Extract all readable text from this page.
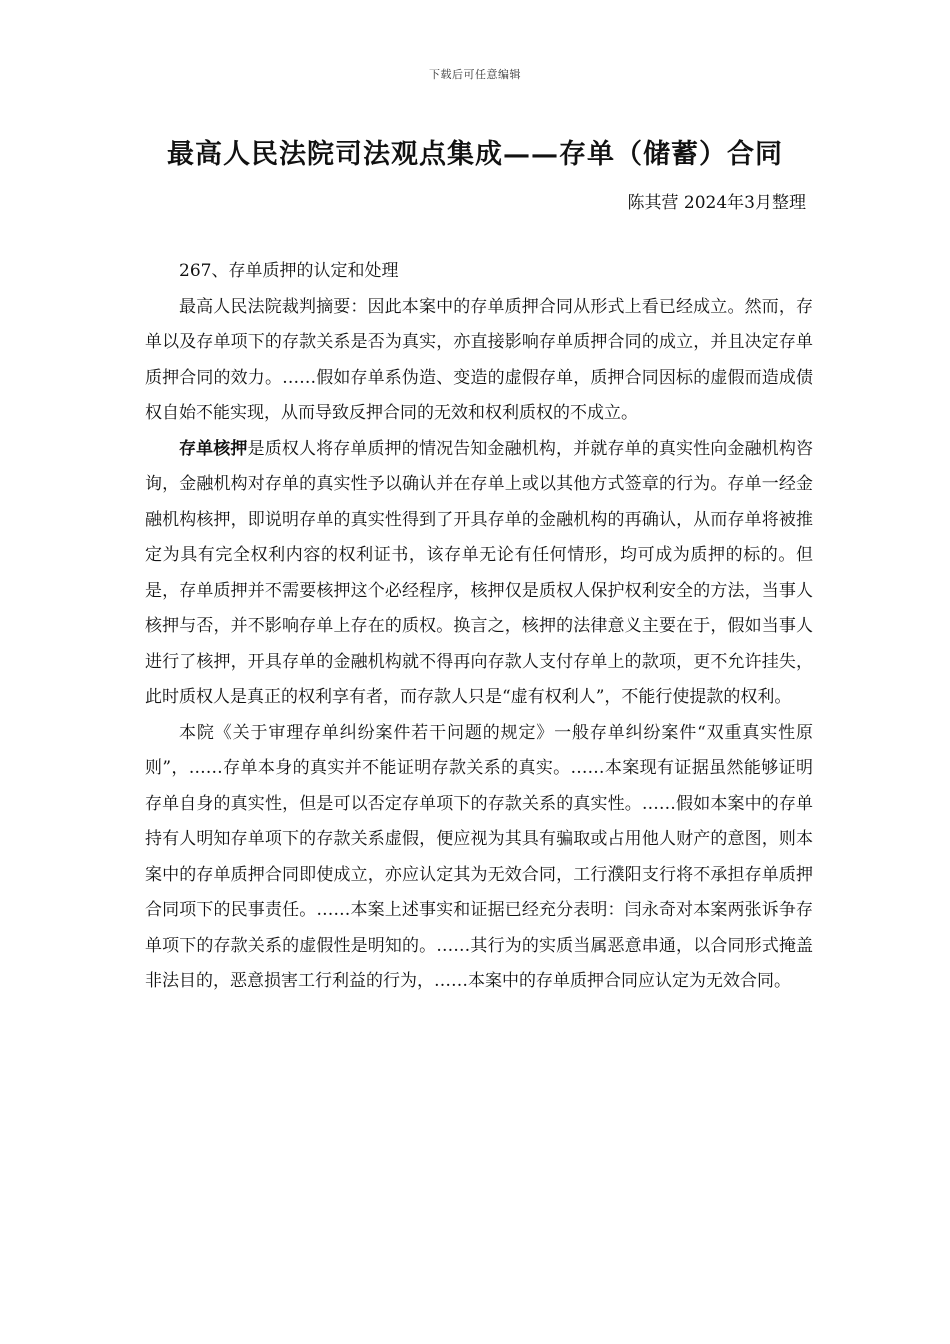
下载后可任意编辑
最高人民法院司法观点集成——存单（储蓄）合同
陈其营 2024年3月整理

267、存单质押的认定和处理

最高人民法院裁判摘要：因此本案中的存单质押合同从形式上看已经成立。然而，存单以及存单项下的存款关系是否为真实，亦直接影响存单质押合同的成立，并且决定存单质押合同的效力。……假如存单系伪造、变造的虚假存单，质押合同因标的虚假而造成债权自始不能实现，从而导致反押合同的无效和权利质权的不成立。

存单核押是质权人将存单质押的情况告知金融机构，并就存单的真实性向金融机构咨询，金融机构对存单的真实性予以确认并在存单上或以其他方式签章的行为。存单一经金融机构核押，即说明存单的真实性得到了开具存单的金融机构的再确认，从而存单将被推定为具有完全权利内容的权利证书，该存单无论有任何情形，均可成为质押的标的。但是，存单质押并不需要核押这个必经程序，核押仅是质权人保护权利安全的方法，当事人核押与否，并不影响存单上存在的质权。换言之，核押的法律意义主要在于，假如当事人进行了核押，开具存单的金融机构就不得再向存款人支付存单上的款项，更不允许挂失，此时质权人是真正的权利享有者，而存款人只是“虚有权利人”，不能行使提款的权利。

本院《关于审理存单纠纷案件若干问题的规定》一般存单纠纷案件“双重真实性原则”，……存单本身的真实并不能证明存款关系的真实。……本案现有证据虽然能够证明存单自身的真实性，但是可以否定存单项下的存款关系的真实性。……假如本案中的存单持有人明知存单项下的存款关系虚假，便应视为其具有骗取或占用他人财产的意图，则本案中的存单质押合同即使成立，亦应认定其为无效合同，工行濮阳支行将不承担存单质押合同项下的民事责任。……本案上述事实和证据已经充分表明：闫永奇对本案两张诉争存单项下的存款关系的虚假性是明知的。……其行为的实质当属恶意串通，以合同形式掩盖非法目的，恶意损害工行利益的行为，……本案中的存单质押合同应认定为无效合同。
